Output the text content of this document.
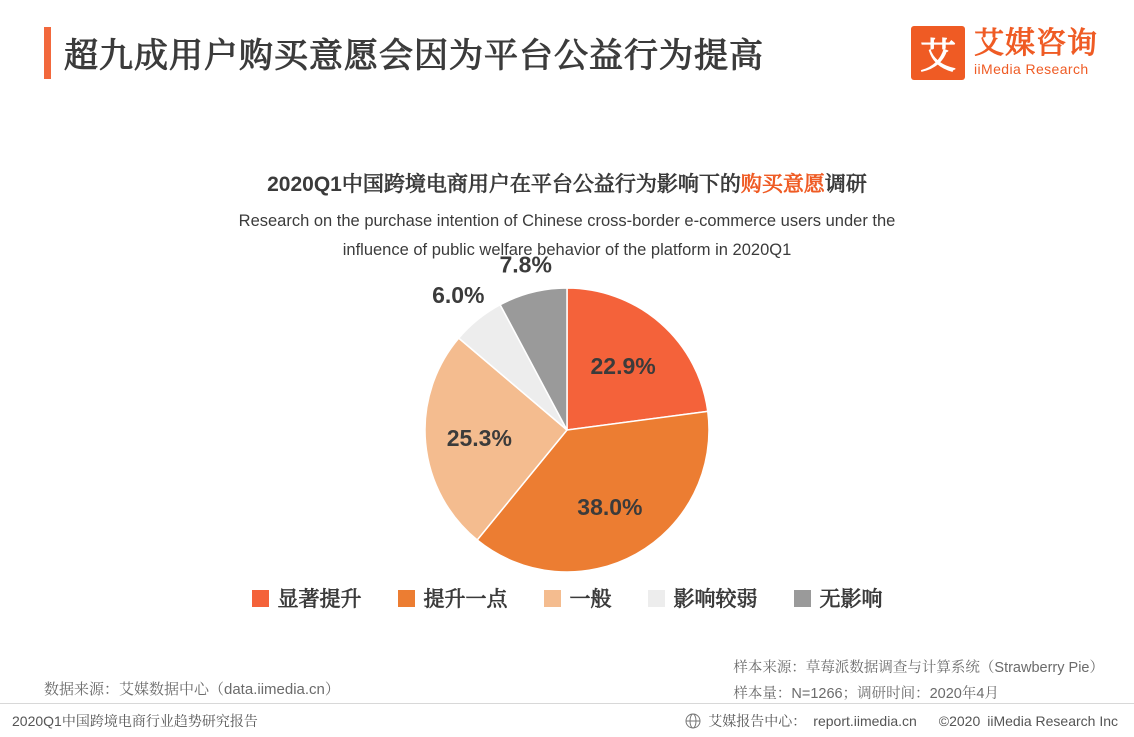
超九成用户购买意愿会因为平台公益行为提高	艾 艾媒咨询
iiMedia Research
2020Q1中国跨境电商用户在平台公益行为影响下的购买意愿调研
Research on the purchase intention of Chinese cross-border e-commerce users under the
influence of public welfare behavior of the platform in 2020Q1
22.9%
38.0%
25.3%
6.0%
7.8%
显著提升	提升一点	一般	影响较弱	无影响
数据来源：艾媒数据中心（data.iimedia.cn）
样本来源：草莓派数据调查与计算系统（Strawberry Pie）
样本量：N=1266；调研时间：2020年4月
2020Q1中国跨境电商行业趋势研究报告	艾媒报告中心： report.iimedia.cn ©2020 iiMedia Research Inc
